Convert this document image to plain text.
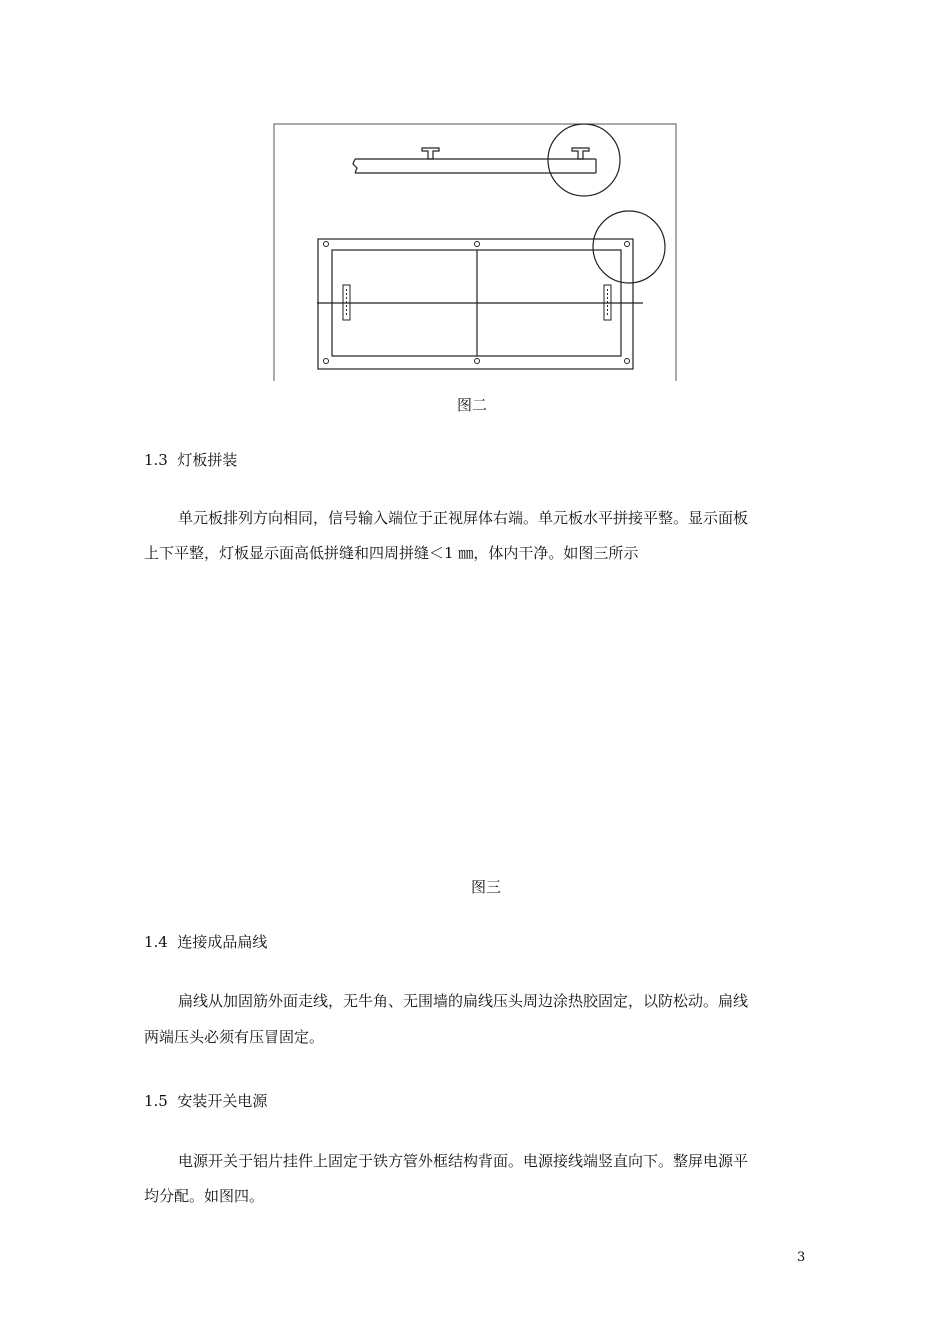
图二
1.3  灯板拼装
单元板排列方向相同，信号输入端位于正视屏体右端。单元板水平拼接平整。显示面板
上下平整，灯板显示面高低拼缝和四周拼缝＜1 ㎜，体内干净。如图三所示
图三
1.4  连接成品扁线
扁线从加固筋外面走线，无牛角、无围墙的扁线压头周边涂热胶固定，以防松动。扁线
两端压头必须有压冒固定。
1.5  安装开关电源
电源开关于铝片挂件上固定于铁方管外框结构背面。电源接线端竖直向下。整屏电源平
均分配。如图四。
3
